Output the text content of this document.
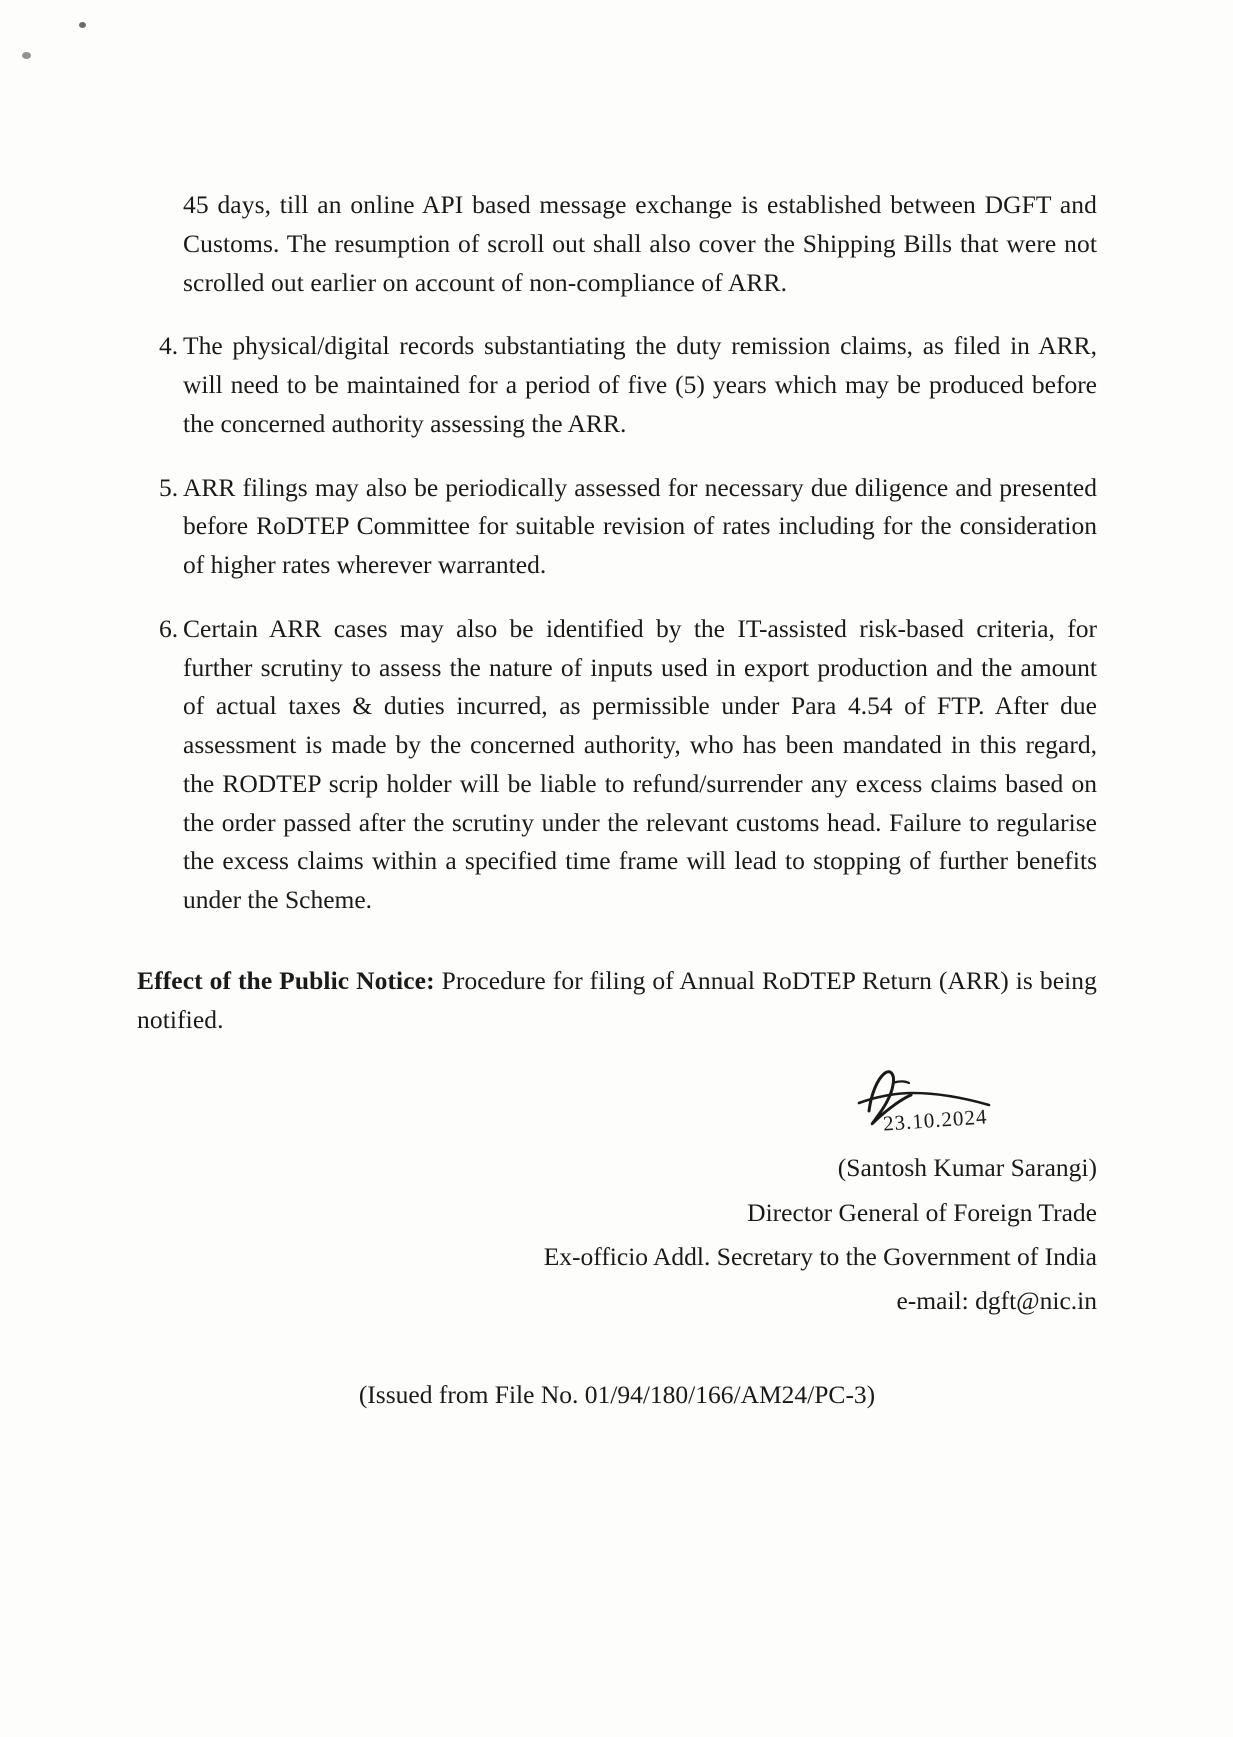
45 days, till an online API based message exchange is established between DGFT and Customs. The resumption of scroll out shall also cover the Shipping Bills that were not scrolled out earlier on account of non-compliance of ARR.

4. The physical/digital records substantiating the duty remission claims, as filed in ARR, will need to be maintained for a period of five (5) years which may be produced before the concerned authority assessing the ARR.
5. ARR filings may also be periodically assessed for necessary due diligence and presented before RoDTEP Committee for suitable revision of rates including for the consideration of higher rates wherever warranted.
6. Certain ARR cases may also be identified by the IT-assisted risk-based criteria, for further scrutiny to assess the nature of inputs used in export production and the amount of actual taxes & duties incurred, as permissible under Para 4.54 of FTP. After due assessment is made by the concerned authority, who has been mandated in this regard, the RODTEP scrip holder will be liable to refund/surrender any excess claims based on the order passed after the scrutiny under the relevant customs head. Failure to regularise the excess claims within a specified time frame will lead to stopping of further benefits under the Scheme.

Effect of the Public Notice: Procedure for filing of Annual RoDTEP Return (ARR) is being notified.

23.10.2024
(Santosh Kumar Sarangi)
Director General of Foreign Trade
Ex-officio Addl. Secretary to the Government of India
e-mail: dgft@nic.in
(Issued from File No. 01/94/180/166/AM24/PC-3)
